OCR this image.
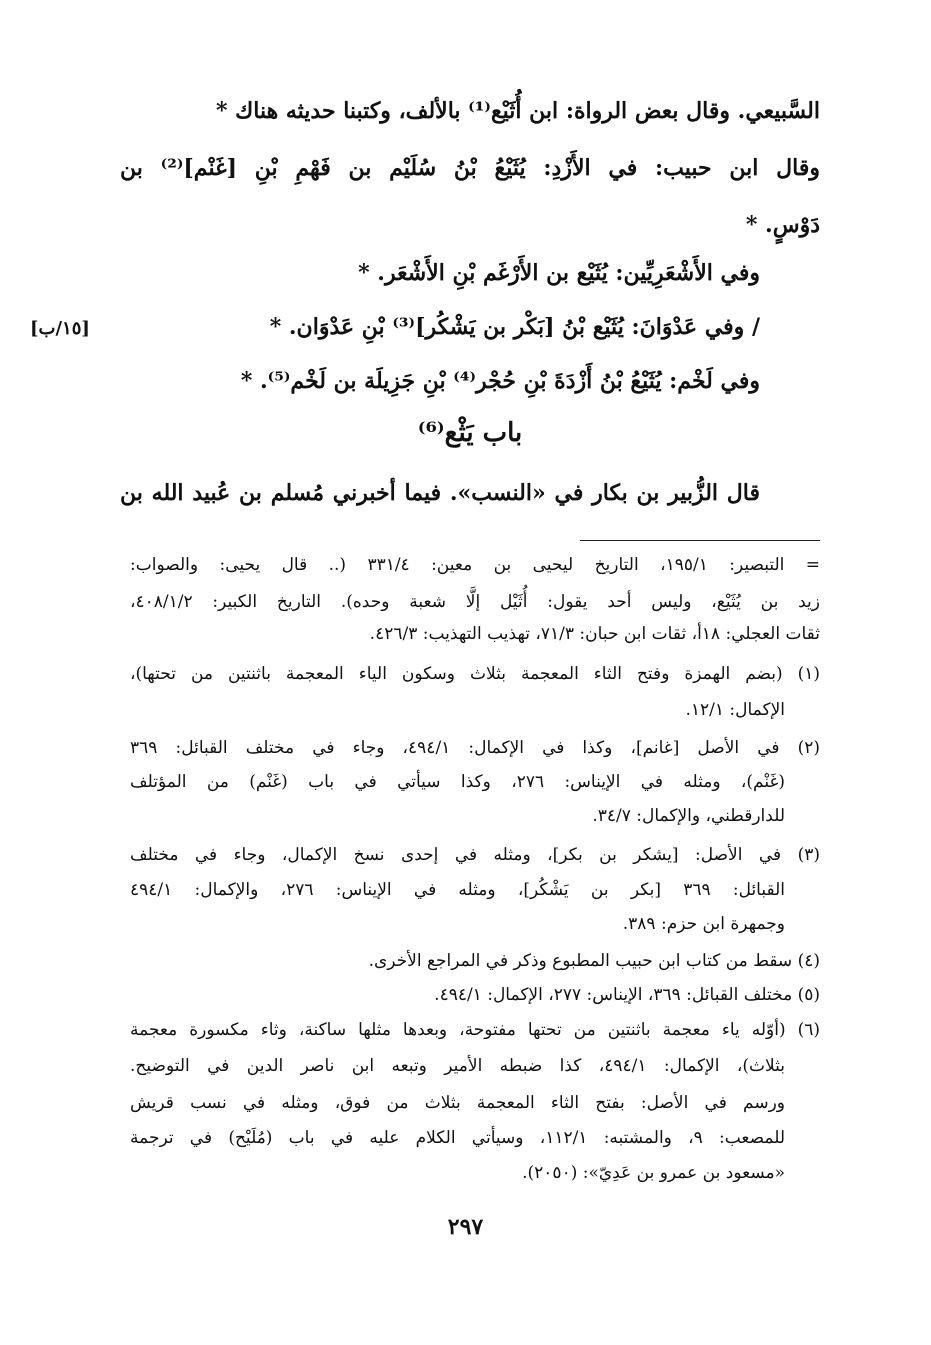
السَّبيعي. وقال بعض الرواة: ابن أُثَيْع⁽¹⁾ بالألف، وكتبنا حديثه هناك *
وقال ابن حبيب: في الأَزْدِ: يُثَيْعُ بْنُ سُلَيْم بن فَهْمِ بْنِ [غَنْم]⁽²⁾ بن
دَوْسٍ. *
وفي الأَشْعَرِيِّين: يُثَيْع بن الأَرْغَم بْنِ الأَشْعَر. *
/ وفي عَدْوَانَ: يُثَيْع بْنُ [بَكْر بن يَشْكُر]⁽³⁾ بْنِ عَدْوَان. *
[١٥/ب]
وفي لَخْم: يُثَيْعُ بْنُ أَزْدَةَ بْنِ حُجْر⁽⁴⁾ بْنِ جَزِيلَة بن لَخْم⁽⁵⁾. *
باب يَثْع⁽⁶⁾
قال الزُّبير بن بكار في «النسب». فيما أخبرني مُسلم بن عُبيد الله بن
= التبصير: ١٩٥/١، التاريخ ليحيى بن معين: ٣٣١/٤ (.. قال يحيى: والصواب:
زيد بن يُثَيْع، وليس أحد يقول: أُثَيْل إلَّا شعبة وحده). التاريخ الكبير: ٤٠٨/١/٢،
ثقات العجلي: ١٨أ، ثقات ابن حبان: ٧١/٣، تهذيب التهذيب: ٤٢٦/٣.
(١) (بضم الهمزة وفتح الثاء المعجمة بثلاث وسكون الياء المعجمة باثنتين من تحتها)،
الإكمال: ١٢/١.
(٢) في الأصل [غانم]، وكذا في الإكمال: ٤٩٤/١، وجاء في مختلف القبائل: ٣٦٩
(غَنْم)، ومثله في الإيناس: ٢٧٦، وكذا سيأتي في باب (غَنْم) من المؤتلف
للدارقطني، والإكمال: ٣٤/٧.
(٣) في الأصل: [يشكر بن بكر]، ومثله في إحدى نسخ الإكمال، وجاء في مختلف
القبائل: ٣٦٩ [بكر بن يَشْكُر]، ومثله في الإيناس: ٢٧٦، والإكمال: ٤٩٤/١
وجمهرة ابن حزم: ٣٨٩.
(٤) سقط من كتاب ابن حبيب المطبوع وذكر في المراجع الأخرى.
(٥) مختلف القبائل: ٣٦٩، الإيناس: ٢٧٧، الإكمال: ٤٩٤/١.
(٦) (أوّله ياء معجمة باثنتين من تحتها مفتوحة، وبعدها مثلها ساكنة، وثاء مكسورة معجمة
بثلاث)، الإكمال: ٤٩٤/١، كذا ضبطه الأمير وتبعه ابن ناصر الدين في التوضيح.
ورسم في الأصل: بفتح الثاء المعجمة بثلاث من فوق، ومثله في نسب قريش
للمصعب: ٩، والمشتبه: ١١٢/١، وسيأتي الكلام عليه في باب (مُلَيْح) في ترجمة
«مسعود بن عمرو بن عَدِيّ»: (٢٠٥٠).
٢٩٧
